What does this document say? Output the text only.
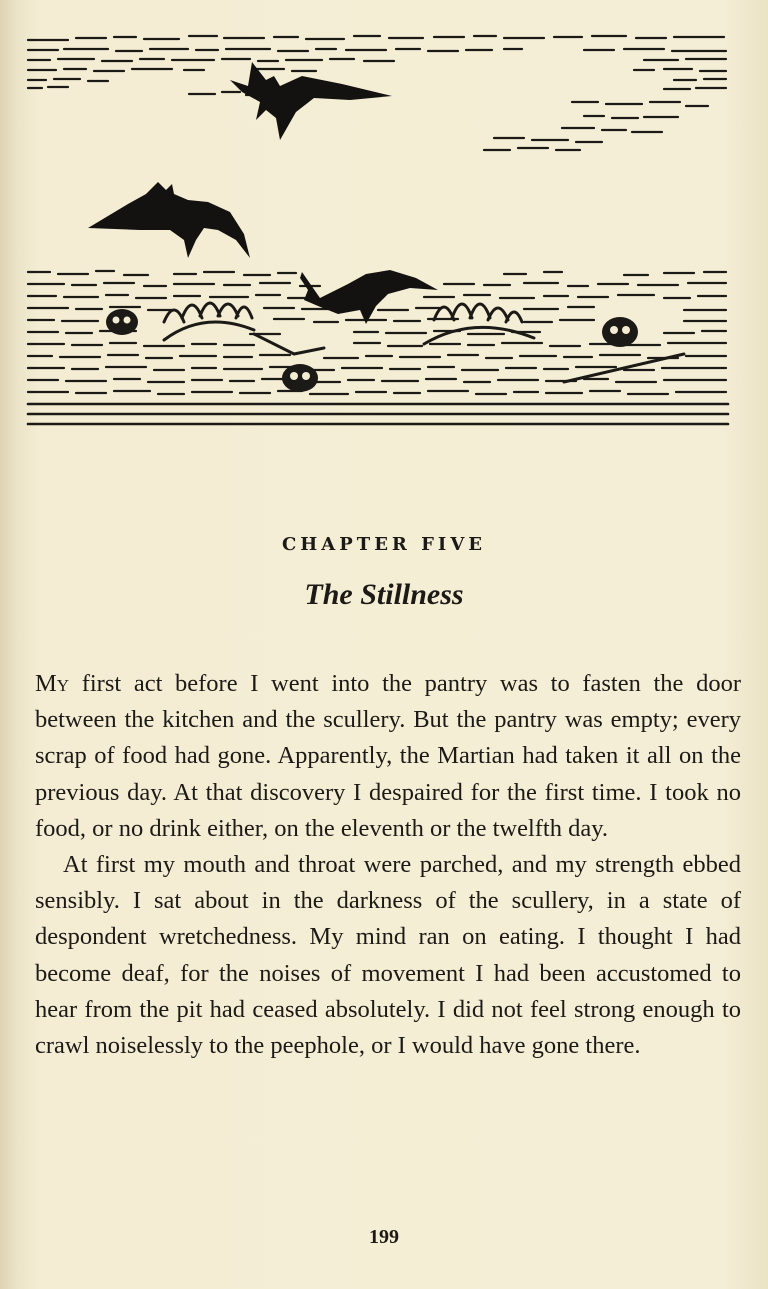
CHAPTER FIVE
The Stillness

My first act before I went into the pantry was to fasten the door between the kitchen and the scullery. But the pantry was empty; every scrap of food had gone. Apparently, the Martian had taken it all on the previous day. At that discovery I despaired for the first time. I took no food, or no drink either, on the eleventh or the twelfth day.

At first my mouth and throat were parched, and my strength ebbed sensibly. I sat about in the darkness of the scullery, in a state of despondent wretchedness. My mind ran on eating. I thought I had become deaf, for the noises of movement I had been accustomed to hear from the pit had ceased absolutely. I did not feel strong enough to crawl noiselessly to the peephole, or I would have gone there.

199
